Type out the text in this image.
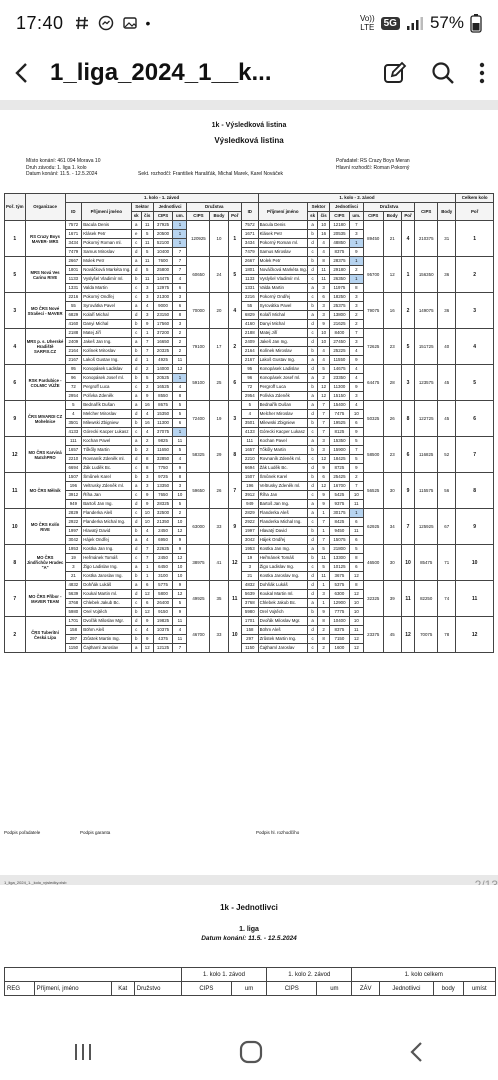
17:40	•	Vo))
LTE 5G 57%
1_liga_2024_1__k...
1k - Výsledková listina
Výsledková listina
Místo konání: 461 094 Morava 10
Druh závodu: 1. liga 1. kolo
Datum konání: 11.5. - 12.5.2024	Sekt. rozhodčí: František Harašťák, Michal Marek, Karel Nováček
Pořadatel: RS Crazy Boys Meran
Hlavní rozhodčí: Roman Pokorný
Poř. tým	Organizace	1. kolo - 1. závod										1. kolo - 2. závod										Celkem kolo
		ID	Příjmení jméno	Sektor		Jednotlivci		Družstva			ID	Příjmení jméno	Sektor		Jednotlivci		Družstva			CIPS	Body	Poř
				sk	čís	CIPS	um.	CIPS	Body	Poř			sk	čís	CIPS	um.	CIPS	Body	Poř			
1	RS Crazy Boys MAVER- MRS	7572	Bacula Denis	a	11	37925	1	120925	10	1	7572	Bacula Denis	a	10	12180	7	89450	21	4	210375	31	1
		1671	Klásek Petr	e	5	20500	1				1671	Klásek Petr	b	16	20535	3						
		3434	Pokorný Roman ml.	c	11	52100	1				3434	Pokorný Roman ml.	d	4	48850	1						
		7479	Samus Miroslav	d	5	10400	7				7479	Samus Miroslav	c	4	8375	9						
5	MRS Nová Ves Carinu RIVE	2667	Molek Petr	a	11	7600	7	60650	24	5	2667	Molek Petr	b	8	28375	1	95700	12	1	156350	36	2
		1801	Nováčková Markéta Ing.	d	5	25800	7				1801	Nováčková Markéta Ing.	d	11	29180	2						
		1133	Vyslyšel Vladimír ml.	b	11	14475	4				1133	Vyslyšel Vladimír ml.	c	11	26350	1						
		1331	Valda Martin	c	3	12975	6				1331	Valda Martin	a	3	11975	8						
3	MO ČRS Nové Strašecí - MAVER	2216	Pokorný Ondřej	c	3	21300	3	70000	20	4	2216	Pokorný Ondřej	c	6	18250	3	79075	16	2	149075	36	3
		55	Syrovátka Pavel	a	4	9000	6				55	Syrovátka Pavel	b	3	25375	3						
		6829	Kolaří Michal	d	3	23150	8				6829	Kolaří Michal	a	3	13800	2						
		4160	Danyi Michal	b	9	17560	3				4160	Danyi Michal	d	9	21625	2						
4	MRS p. s. Uherské Hradiště SARFIX.CZ	2188	Matej Jiří	c	1	37200	2	79100	17	2	2188	Matej Jiří	c	10	8400	7	72625	23	5	151725	40	4
		2409	Jakeš Jan Ing.	a	7	16650	2				2409	Jakeš Jan Ing.	d	10	27450	3						
		2164	Kolínek Miroslav	b	7	20325	2				2164	Kolínek Miroslav	b	4	25225	4						
		2167	Lakoš Gustav Ing.	d	1	4925	11				2167	Lakoš Gustav Ing.	a	4	11550	9						
6	RSK Pardubice - COLMIC VÚŽE	95	Konopásek Ladislav	d	2	14000	12	59100	25	6	95	Konopásek Ladislav	d	5	14675	4	64475	28	3	123575	45	5
		96	Konopásek Josef ml.	b	5	20525	1				96	Konopásek Josef ml.	a	2	23350	4						
		72	Pergroff Luca	c	2	16525	4				72	Pergroff Luca	b	12	11300	9						
		2954	Polívka Zdeněk	a	9	8550	8				2954	Polívka Zdeněk	a	12	15150	3						
9	ČRS MIVARDI CZ Mohelnice	5	Bednařík Dušan	a	16	8675	5	72400	19	3	5	Bednařík Dušan	a	7	15400	4	50325	26	8	122725	45	6
		4	Melcher Miroslav	d	4	15350	5				4	Melcher Miroslav	d	7	7475	10						
		3501	Milewski Zbigniew	b	16	11300	6				3501	Milewski Zbigniew	b	7	19525	6						
		4133	Górecki Kacper Lukasz	c	4	37075	1				4133	Górecki Kacper Lukasz	c	7	8125	9						
12	MO ČRS Karviná MatchPRO	111	Kochan Pavel	a	2	9825	11	58325	29	8	111	Kochan Pavel	a	3	15350	5	58500	23	6	116825	52	7
		1657	Tőkőly Martin	b	2	11650	5				1657	Tőkőly Martin	b	3	15900	7						
		2210	Rovnaník Zdeněk ml.	d	8	32850	4				2210	Rovnaník Zdeněk ml.	c	12	18425	5						
		6694	Žák Luděk Bc.	c	8	7750	9				6694	Žák Luděk Bc.	d	9	8725	9						
11	MO ČRS Mělník	1507	Šmůnek Karel	b	3	9725	8	59650	26	7	1507	Šmůnek Karel	b	6	25425	2	56525	30	9	115575	56	8
		196	Veltrusky Zdeněk ml.	a	3	13350	3				196	Veltrusky Zdeněk ml.	d	12	16700	7						
		3912	Říha Jan	c	9	7650	10				3912	Říha Jan	c	9	5425	10						
		949	Bartoš Jan Ing.	d	9	28325	5				949	Bartoš Jan Ing.	a	9	9375	11						
10	MO ČRS Kolín RIVE	2829	Flanderka Aleš	c	10	32500	2	63000	33	9	2829	Flanderka Aleš	a	1	30175	1	62925	34	7	125925	67	9
		2922	Flanderka Michal Ing.	d	10	21350	10				2922	Flanderka Michal Ing.	c	7	8425	6						
		1997	Hlavatý David	b	4	2450	12				1997	Hlavatý David	b	1	9450	11						
		3042	Hájek Ondřej	a	4	6950	9				3042	Hájek Ondřej	d	7	15075	6						
8	MO ČRS Jindřichův Hradec "A"	1953	Kostka Jan Ing.	d	7	22625	9	38975	41	12	1953	Kostka Jan Ing.	a	5	21800	5	46500	30	10	85475	71	10
		19	Heřmánek Tomáš	c	7	2450	12				19	Heřmánek Tomáš	b	11	13300	8						
		3	Žigo Ladislav Ing.	a	1	6450	10				3	Žigo Ladislav Ing.	c	5	10125	6						
		21	Kostka Jaroslav Ing.	b	1	3100	10				21	Kostka Jaroslav Ing.	d	11	3675	12						
7	MO ČRS Příbor - MAVER TEAM	4832	Dohňák Lukáš	a	6	5775	9	49925	35	11	4832	Dohňák Lukáš	d	1	5375	8	32325	39	11	82250	74	11
		5639	Koukal Martin ml.	d	12	5800	12				5639	Koukal Martin ml.	d	3	6300	12						
		3768	Chlebek Jakub Bc.	c	6	26400	5				3768	Chlebek Jakub Bc.	a	1	12900	10						
		5980	Orel Vojtěch	b	12	9150	9				5980	Orel Vojtěch	b	9	7775	10						
2	ČRS Tuberitní Česká Lípa	1701	Dvořák Miloslav Mgr.	d	9	19825	11	46700	33	10	1701	Dvořák Miloslav Mgr.	a	8	10400	10	23375	45	12	70075	78	12
		158	Böhm Aleš	c	4	10375	4				158	Böhm Aleš	d	2	8375	11						
		297	Zrůstek Martin Ing.	b	9	4375	11				297	Zrůstek Martin Ing.	c	8	7150	12						
		1150	Čajthaml Jaroslav	a	12	12125	7				1150	Čajthaml Jaroslav	c	2	1600	12						
Podpis pořadatele	Podpis garanta	Podpis hl. rozhodčího
1_liga_2024_1._kolo_výsledky.xlsb
1k - Jednotlivci
1. liga
Datum konání: 11.5. - 12.5.2024
				1. kolo 1. závod		1. kolo 2. závod		1. kolo celkem			
REG	Příjmení, jméno	Kat	Družstvo	CIPS	um	CIPS	um	ZÁV	Jednotlivci	body	umíst
